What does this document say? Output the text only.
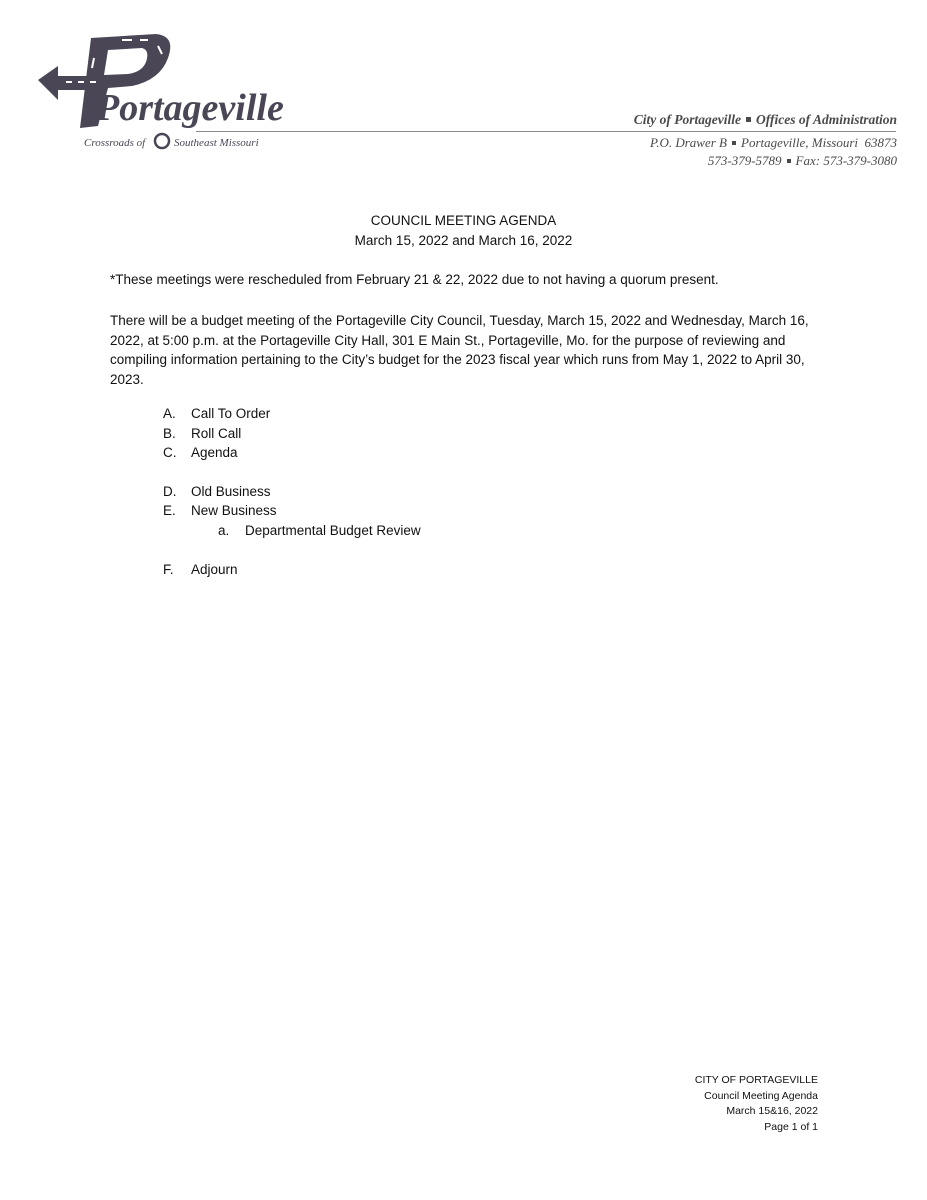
Portageville
Crossroads of	Southeast Missouri
City of Portageville Offices of Administration
P.O. Drawer B Portageville, Missouri  63873
573-379-5789 Fax: 573-379-3080
COUNCIL MEETING AGENDA
March 15, 2022 and March 16, 2022

*These meetings were rescheduled from February 21 & 22, 2022 due to not having a quorum present.

There will be a budget meeting of the Portageville City Council, Tuesday, March 15, 2022 and Wednesday, March 16, 2022, at 5:00 p.m. at the Portageville City Hall, 301 E Main St., Portageville, Mo. for the purpose of reviewing and compiling information pertaining to the City’s budget for the 2023 fiscal year which runs from May 1, 2022 to April 30, 2023.

A. Call To Order
B. Roll Call
C. Agenda
D. Old Business
E. New Business
a. Departmental Budget Review
F. Adjourn
CITY OF PORTAGEVILLE
Council Meeting Agenda
March 15&16, 2022
Page 1 of 1
